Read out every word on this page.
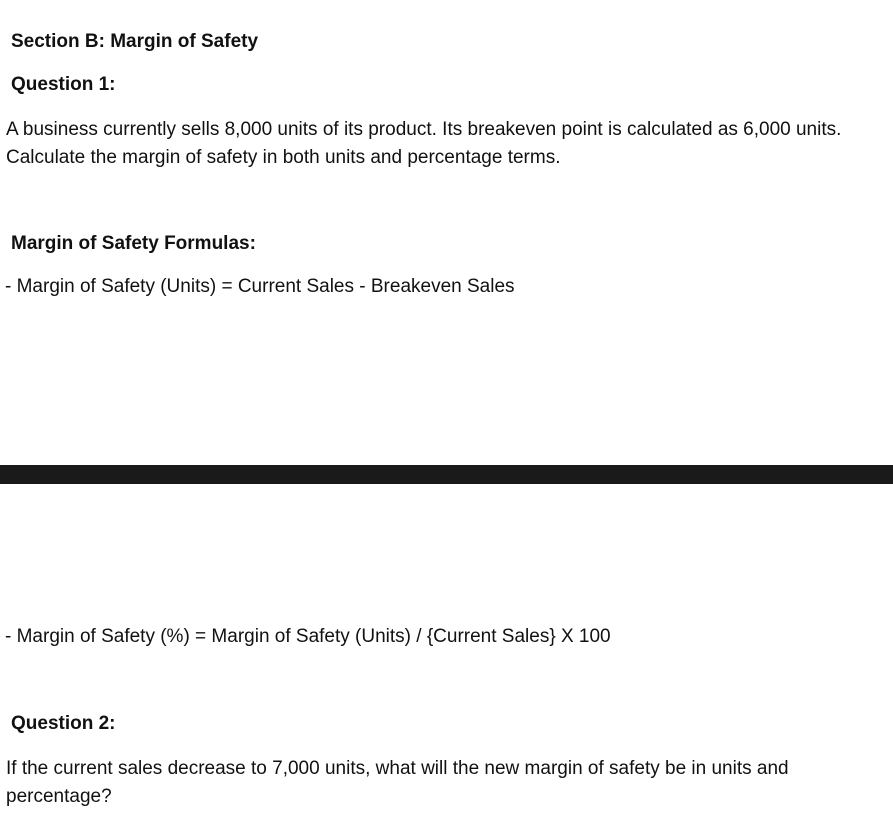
Section B: Margin of Safety
Question 1:
A business currently sells 8,000 units of its product. Its breakeven point is calculated as 6,000 units. Calculate the margin of safety in both units and percentage terms.
Margin of Safety Formulas:
- Margin of Safety (Units) = Current Sales - Breakeven Sales
- Margin of Safety (%) = Margin of Safety (Units) / {Current Sales} X 100
Question 2:
If the current sales decrease to 7,000 units, what will the new margin of safety be in units and percentage?
